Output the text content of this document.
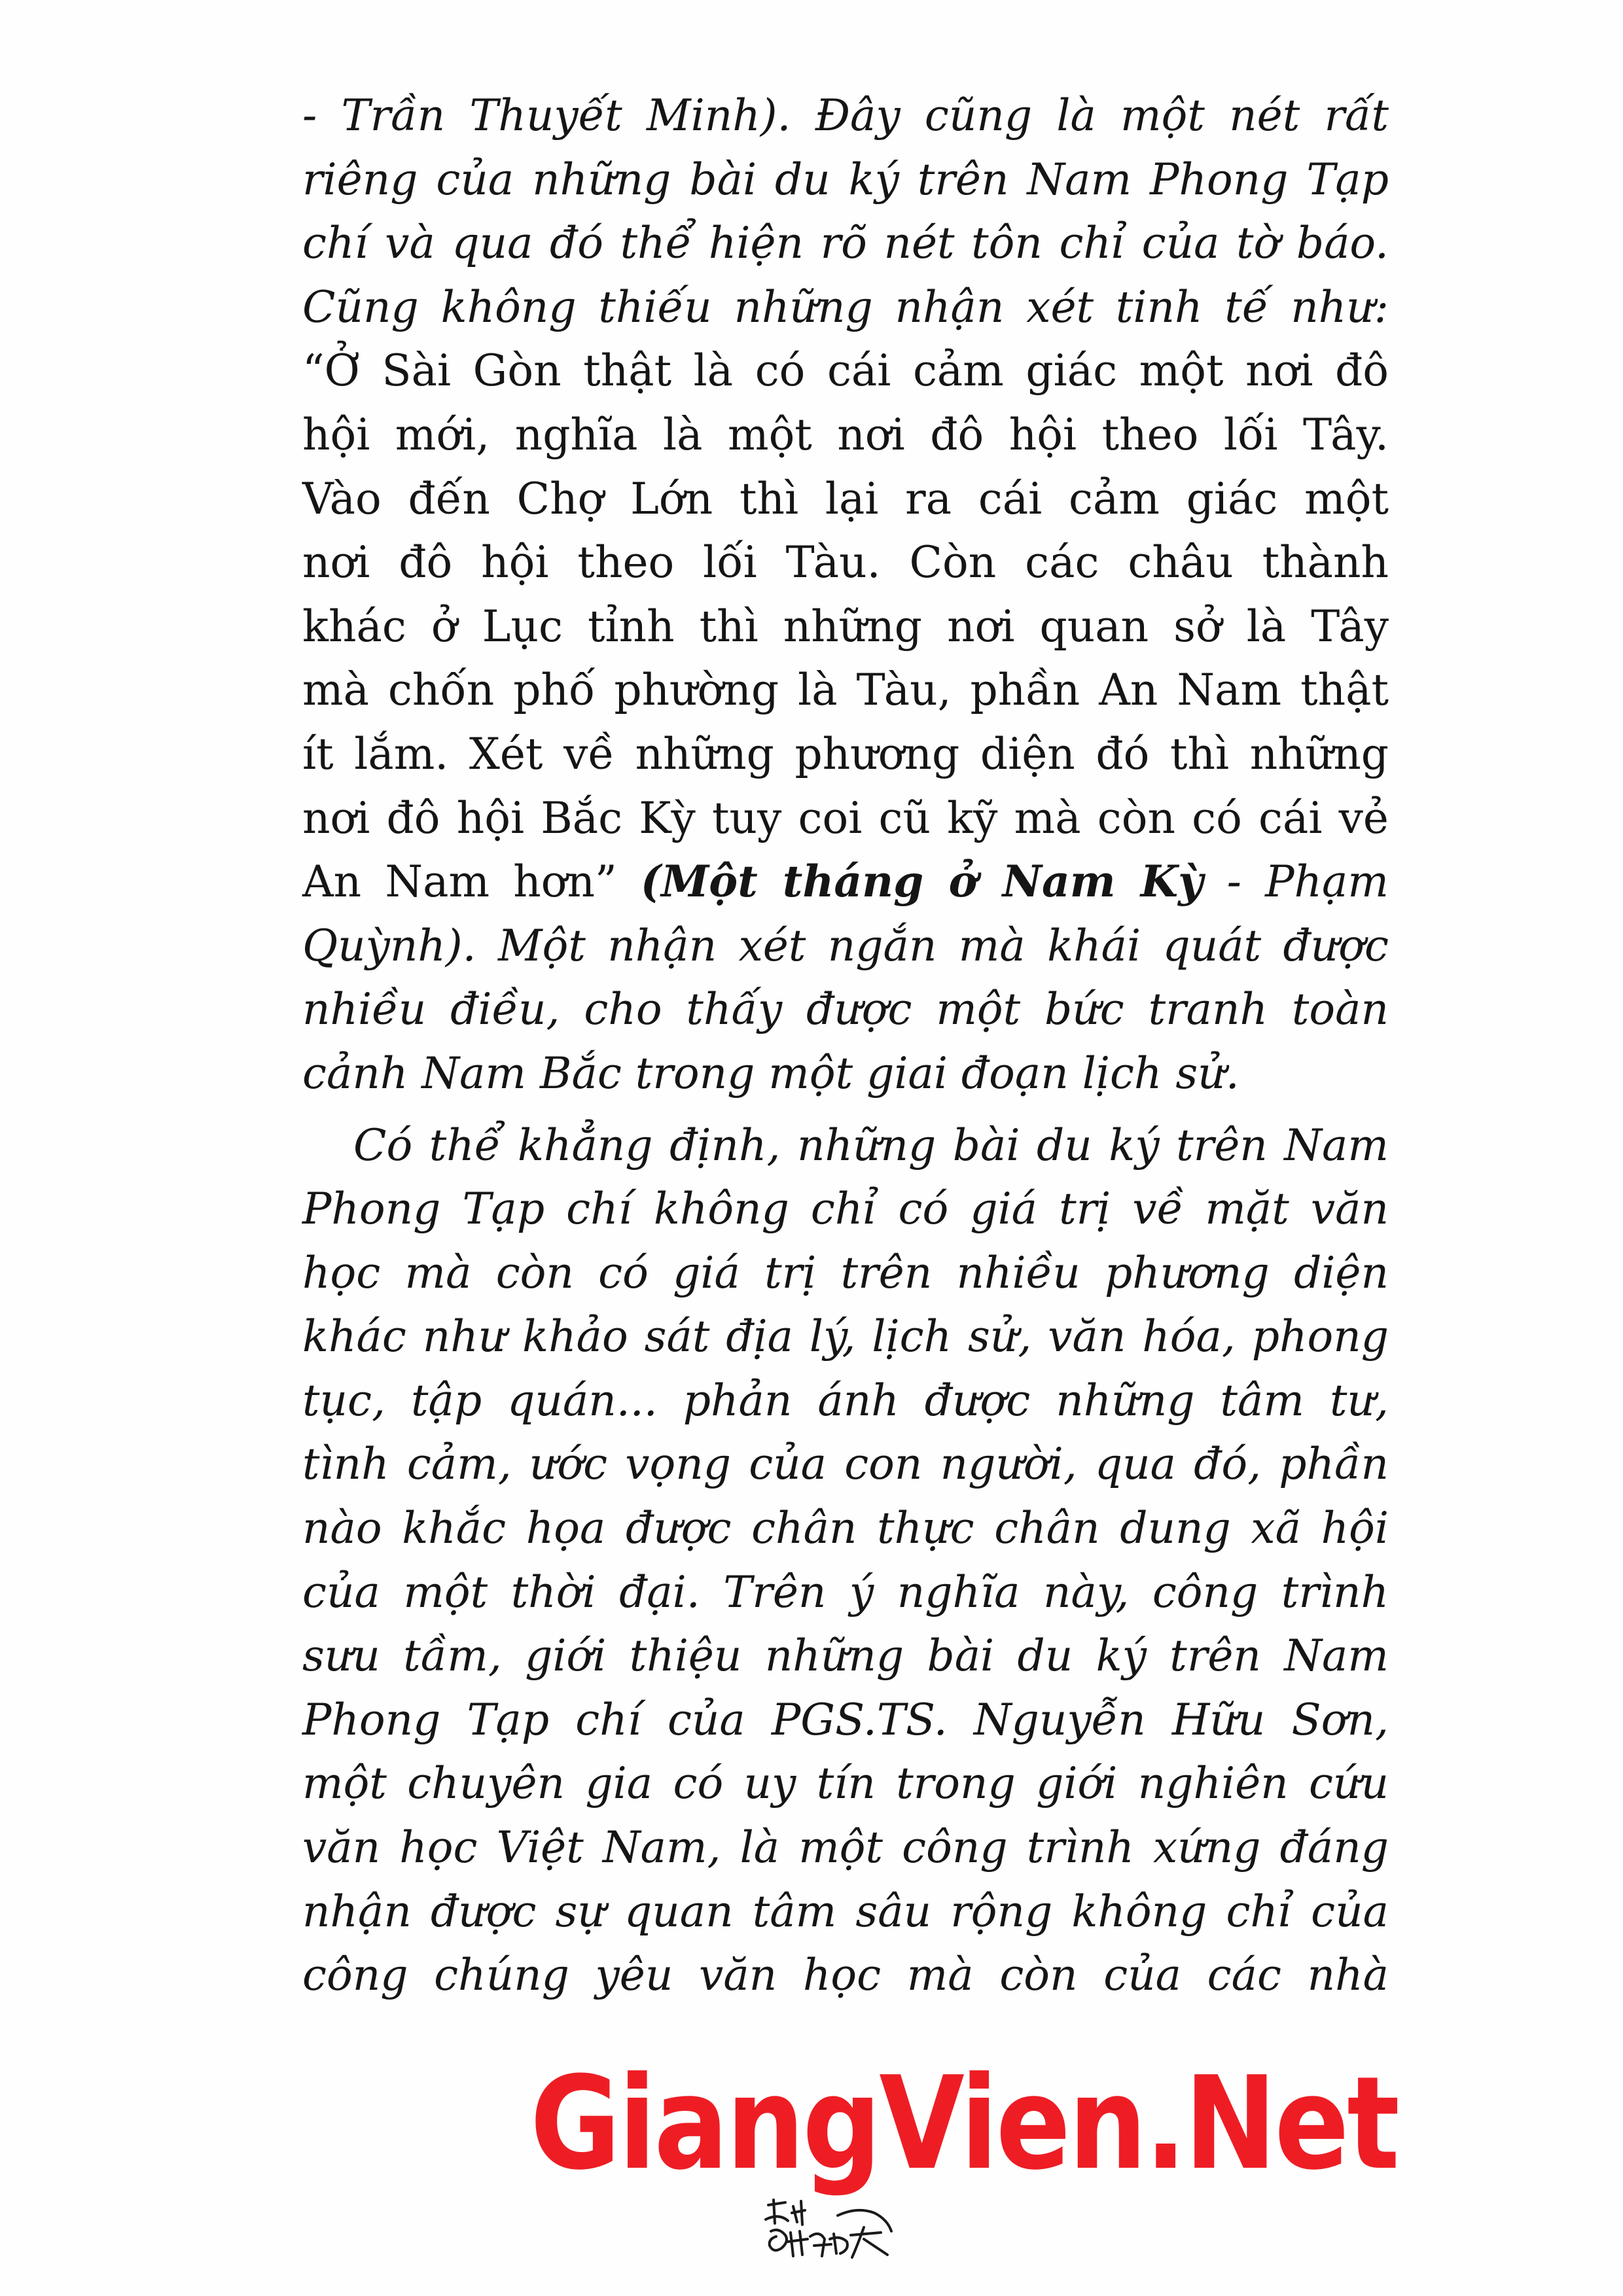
- Trần Thuyết Minh). Đây cũng là một nét rất
riêng của những bài du ký trên Nam Phong Tạp
chí và qua đó thể hiện rõ nét tôn chỉ của tờ báo.
Cũng không thiếu những nhận xét tinh tế như:
“Ở Sài Gòn thật là có cái cảm giác một nơi đô
hội mới, nghĩa là một nơi đô hội theo lối Tây.
Vào đến Chợ Lớn thì lại ra cái cảm giác một
nơi đô hội theo lối Tàu. Còn các châu thành
khác ở Lục tỉnh thì những nơi quan sở là Tây
mà chốn phố phường là Tàu, phần An Nam thật
ít lắm. Xét về những phương diện đó thì những
nơi đô hội Bắc Kỳ tuy coi cũ kỹ mà còn có cái vẻ
An Nam hơn” (Một tháng ở Nam Kỳ - Phạm
Quỳnh). Một nhận xét ngắn mà khái quát được
nhiều điều, cho thấy được một bức tranh toàn
cảnh Nam Bắc trong một giai đoạn lịch sử.
Có thể khẳng định, những bài du ký trên Nam
Phong Tạp chí không chỉ có giá trị về mặt văn
học mà còn có giá trị trên nhiều phương diện
khác như khảo sát địa lý, lịch sử, văn hóa, phong
tục, tập quán... phản ánh được những tâm tư,
tình cảm, ước vọng của con người, qua đó, phần
nào khắc họa được chân thực chân dung xã hội
của một thời đại. Trên ý nghĩa này, công trình
sưu tầm, giới thiệu những bài du ký trên Nam
Phong Tạp chí của PGS.TS. Nguyễn Hữu Sơn,
một chuyên gia có uy tín trong giới nghiên cứu
văn học Việt Nam, là một công trình xứng đáng
nhận được sự quan tâm sâu rộng không chỉ của
công chúng yêu văn học mà còn của các nhà
GiangVien.Net
